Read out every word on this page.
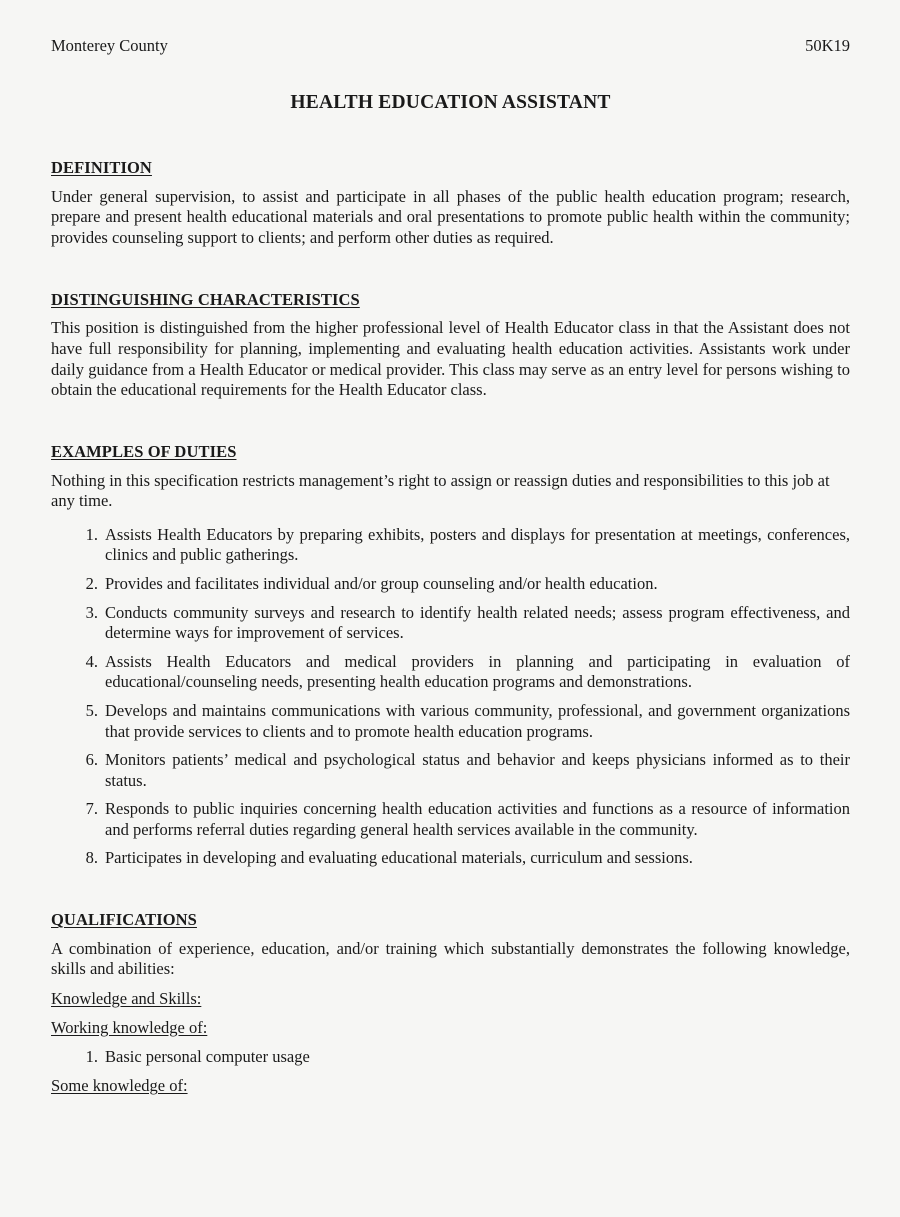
Monterey County	50K19
HEALTH EDUCATION ASSISTANT
DEFINITION

Under general supervision, to assist and participate in all phases of the public health education program; research, prepare and present health educational materials and oral presentations to promote public health within the community; provides counseling support to clients; and perform other duties as required.

DISTINGUISHING CHARACTERISTICS

This position is distinguished from the higher professional level of Health Educator class in that the Assistant does not have full responsibility for planning, implementing and evaluating health education activities. Assistants work under daily guidance from a Health Educator or medical provider. This class may serve as an entry level for persons wishing to obtain the educational requirements for the Health Educator class.

EXAMPLES OF DUTIES

Nothing in this specification restricts management’s right to assign or reassign duties and responsibilities to this job at any time.

1. Assists Health Educators by preparing exhibits, posters and displays for presentation at meetings, conferences, clinics and public gatherings.
2. Provides and facilitates individual and/or group counseling and/or health education.
3. Conducts community surveys and research to identify health related needs; assess program effectiveness, and determine ways for improvement of services.
4. Assists Health Educators and medical providers in planning and participating in evaluation of educational/counseling needs, presenting health education programs and demonstrations.
5. Develops and maintains communications with various community, professional, and government organizations that provide services to clients and to promote health education programs.
6. Monitors patients’ medical and psychological status and behavior and keeps physicians informed as to their status.
7. Responds to public inquiries concerning health education activities and functions as a resource of information and performs referral duties regarding general health services available in the community.
8. Participates in developing and evaluating educational materials, curriculum and sessions.
QUALIFICATIONS

A combination of experience, education, and/or training which substantially demonstrates the following knowledge, skills and abilities:

Knowledge and Skills:
Working knowledge of:
1. Basic personal computer usage
Some knowledge of:
